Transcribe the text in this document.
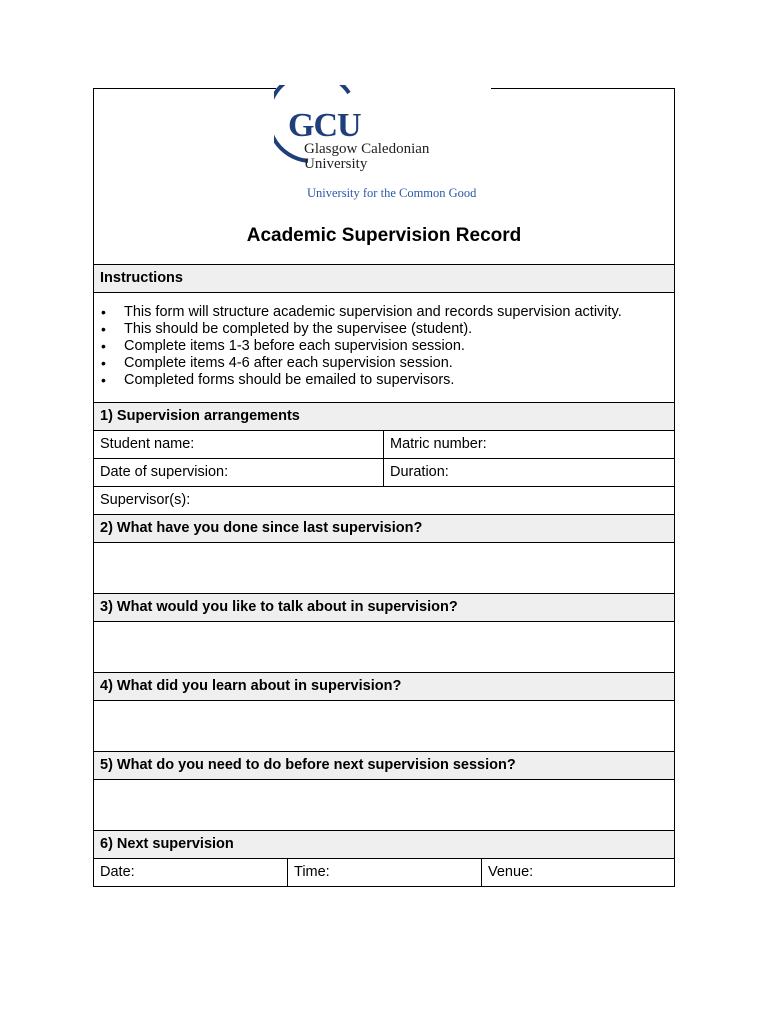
GCU
Glasgow Caledonian
University
University for the Common Good
Academic Supervision Record
Instructions
• This form will structure academic supervision and records supervision activity.
• This should be completed by the supervisee (student).
• Complete items 1-3 before each supervision session.
• Complete items 4-6 after each supervision session.
• Completed forms should be emailed to supervisors.
1) Supervision arrangements
Student name:	Matric number:
Date of supervision:	Duration:
Supervisor(s):
2) What have you done since last supervision?
3) What would you like to talk about in supervision?
4) What did you learn about in supervision?
5) What do you need to do before next supervision session?
6) Next supervision
Date:	Time:	Venue:
